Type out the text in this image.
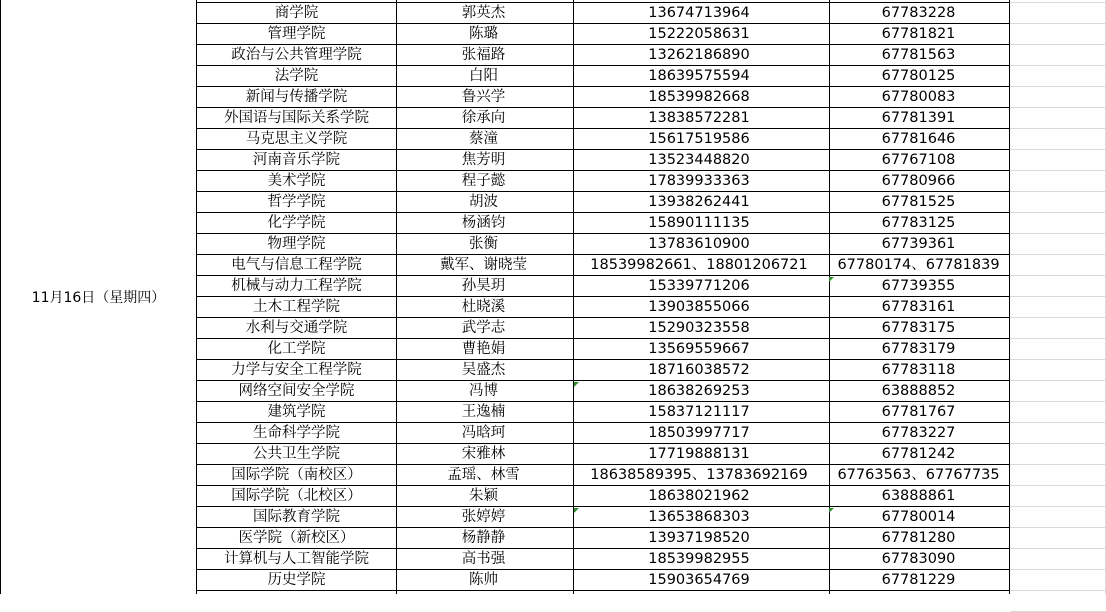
11月16日（星期四）
商学院	郭英杰	13674713964	67783228
管理学院	陈璐	15222058631	67781821
政治与公共管理学院	张福路	13262186890	67781563
法学院	白阳	18639575594	67780125
新闻与传播学院	鲁兴学	18539982668	67780083
外国语与国际关系学院	徐承向	13838572281	67781391
马克思主义学院	蔡潼	15617519586	67781646
河南音乐学院	焦芳明	13523448820	67767108
美术学院	程子懿	17839933363	67780966
哲学学院	胡波	13938262441	67781525
化学学院	杨涵钧	15890111135	67783125
物理学院	张衡	13783610900	67739361
电气与信息工程学院	戴军、谢晓莹	18539982661、18801206721	67780174、67781839
机械与动力工程学院	孙昊玥	15339771206	67739355
土木工程学院	杜晓溪	13903855066	67783161
水利与交通学院	武学志	15290323558	67783175
化工学院	曹艳娟	13569559667	67783179
力学与安全工程学院	吴盛杰	18716038572	67783118
网络空间安全学院	冯博	18638269253	63888852
建筑学院	王逸楠	15837121117	67781767
生命科学学院	冯晗珂	18503997717	67783227
公共卫生学院	宋雅林	17719888131	67781242
国际学院（南校区）	孟瑶、林雪	18638589395、13783692169	67763563、67767735
国际学院（北校区）	朱颖	18638021962	63888861
国际教育学院	张婷婷	13653868303	67780014
医学院（新校区）	杨静静	13937198520	67781280
计算机与人工智能学院	高书强	18539982955	67783090
历史学院	陈帅	15903654769	67781229
